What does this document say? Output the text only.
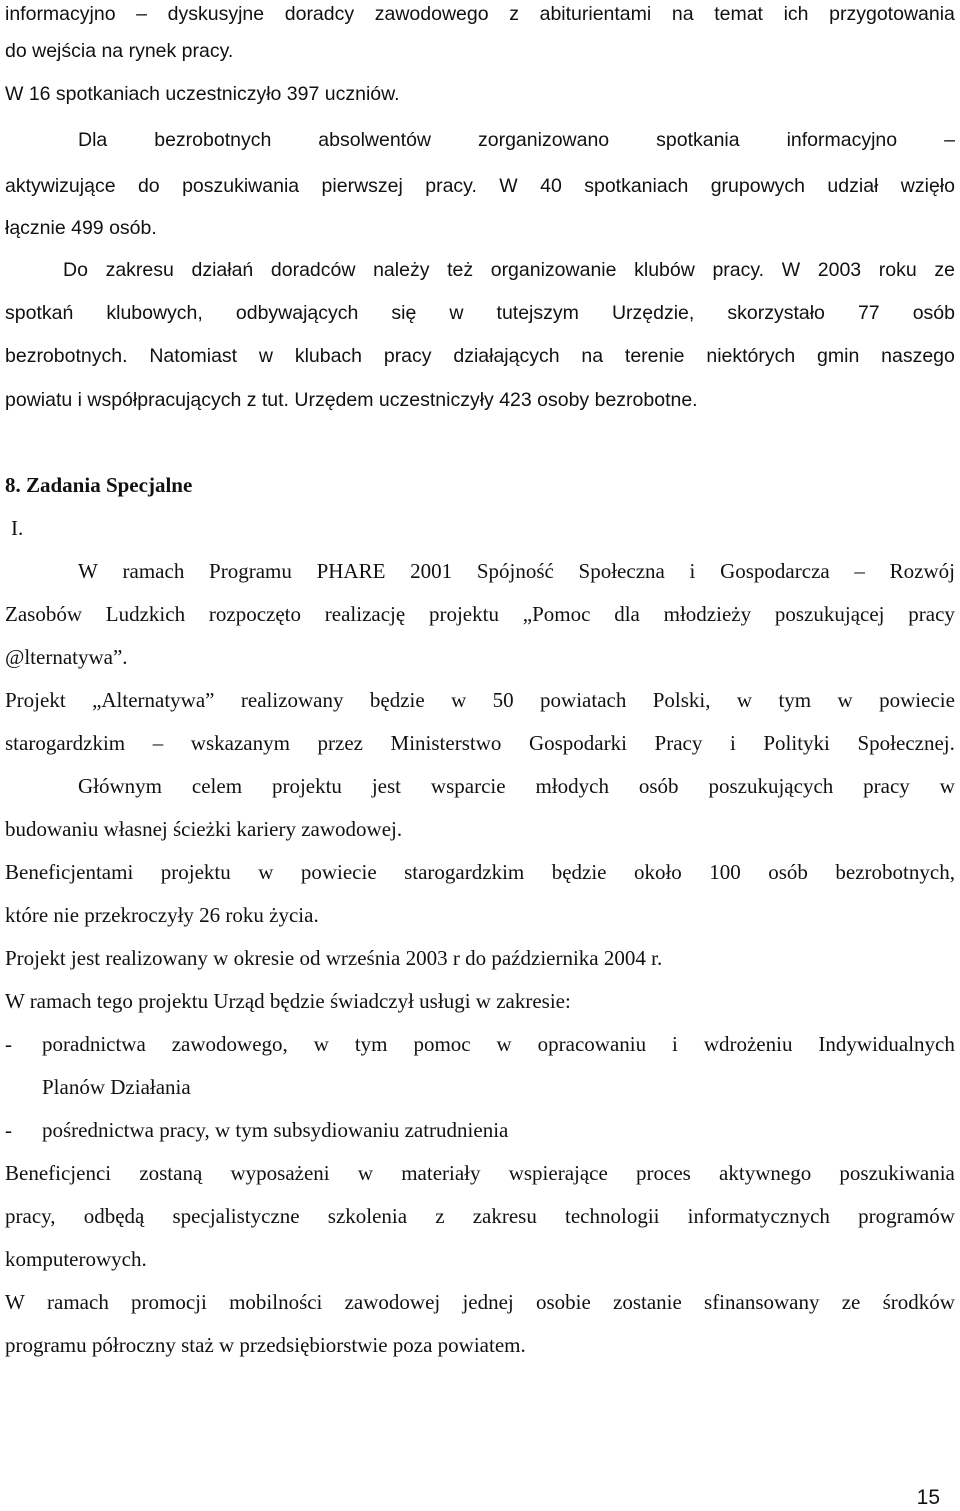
informacyjno – dyskusyjne doradcy zawodowego z abiturientami na temat ich przygotowania
do wejścia na rynek pracy.
W 16 spotkaniach uczestniczyło 397 uczniów.
Dla bezrobotnych absolwentów zorganizowano spotkania informacyjno –
aktywizujące do poszukiwania pierwszej pracy. W 40 spotkaniach grupowych udział wzięło
łącznie 499 osób.
Do zakresu działań doradców należy też organizowanie klubów pracy. W 2003 roku ze
spotkań klubowych, odbywających się w tutejszym Urzędzie, skorzystało 77 osób
bezrobotnych. Natomiast w klubach pracy działających na terenie niektórych gmin naszego
powiatu i współpracujących z tut. Urzędem uczestniczyły 423 osoby bezrobotne.
8. Zadania Specjalne
I.
W ramach Programu PHARE 2001 Spójność Społeczna i Gospodarcza – Rozwój
Zasobów Ludzkich rozpoczęto realizację projektu „Pomoc dla młodzieży poszukującej pracy
@lternatywa”.
Projekt „Alternatywa” realizowany będzie w 50 powiatach Polski, w tym w powiecie
starogardzkim – wskazanym przez Ministerstwo Gospodarki Pracy i Polityki Społecznej.
Głównym celem projektu jest wsparcie młodych osób poszukujących pracy w
budowaniu własnej ścieżki kariery zawodowej.
Beneficjentami projektu w powiecie starogardzkim będzie około 100 osób bezrobotnych,
które nie przekroczyły 26 roku życia.
Projekt jest realizowany w okresie od września 2003 r do października 2004 r.
W ramach tego projektu Urząd będzie świadczył usługi w zakresie:
- poradnictwa zawodowego, w tym pomoc w opracowaniu i wdrożeniu Indywidualnych
Planów Działania
- pośrednictwa pracy, w tym subsydiowaniu zatrudnienia
Beneficjenci zostaną wyposażeni w materiały wspierające proces aktywnego poszukiwania
pracy, odbędą specjalistyczne szkolenia z zakresu technologii informatycznych programów
komputerowych.
W ramach promocji mobilności zawodowej jednej osobie zostanie sfinansowany ze środków
programu półroczny staż w przedsiębiorstwie poza powiatem.
15
